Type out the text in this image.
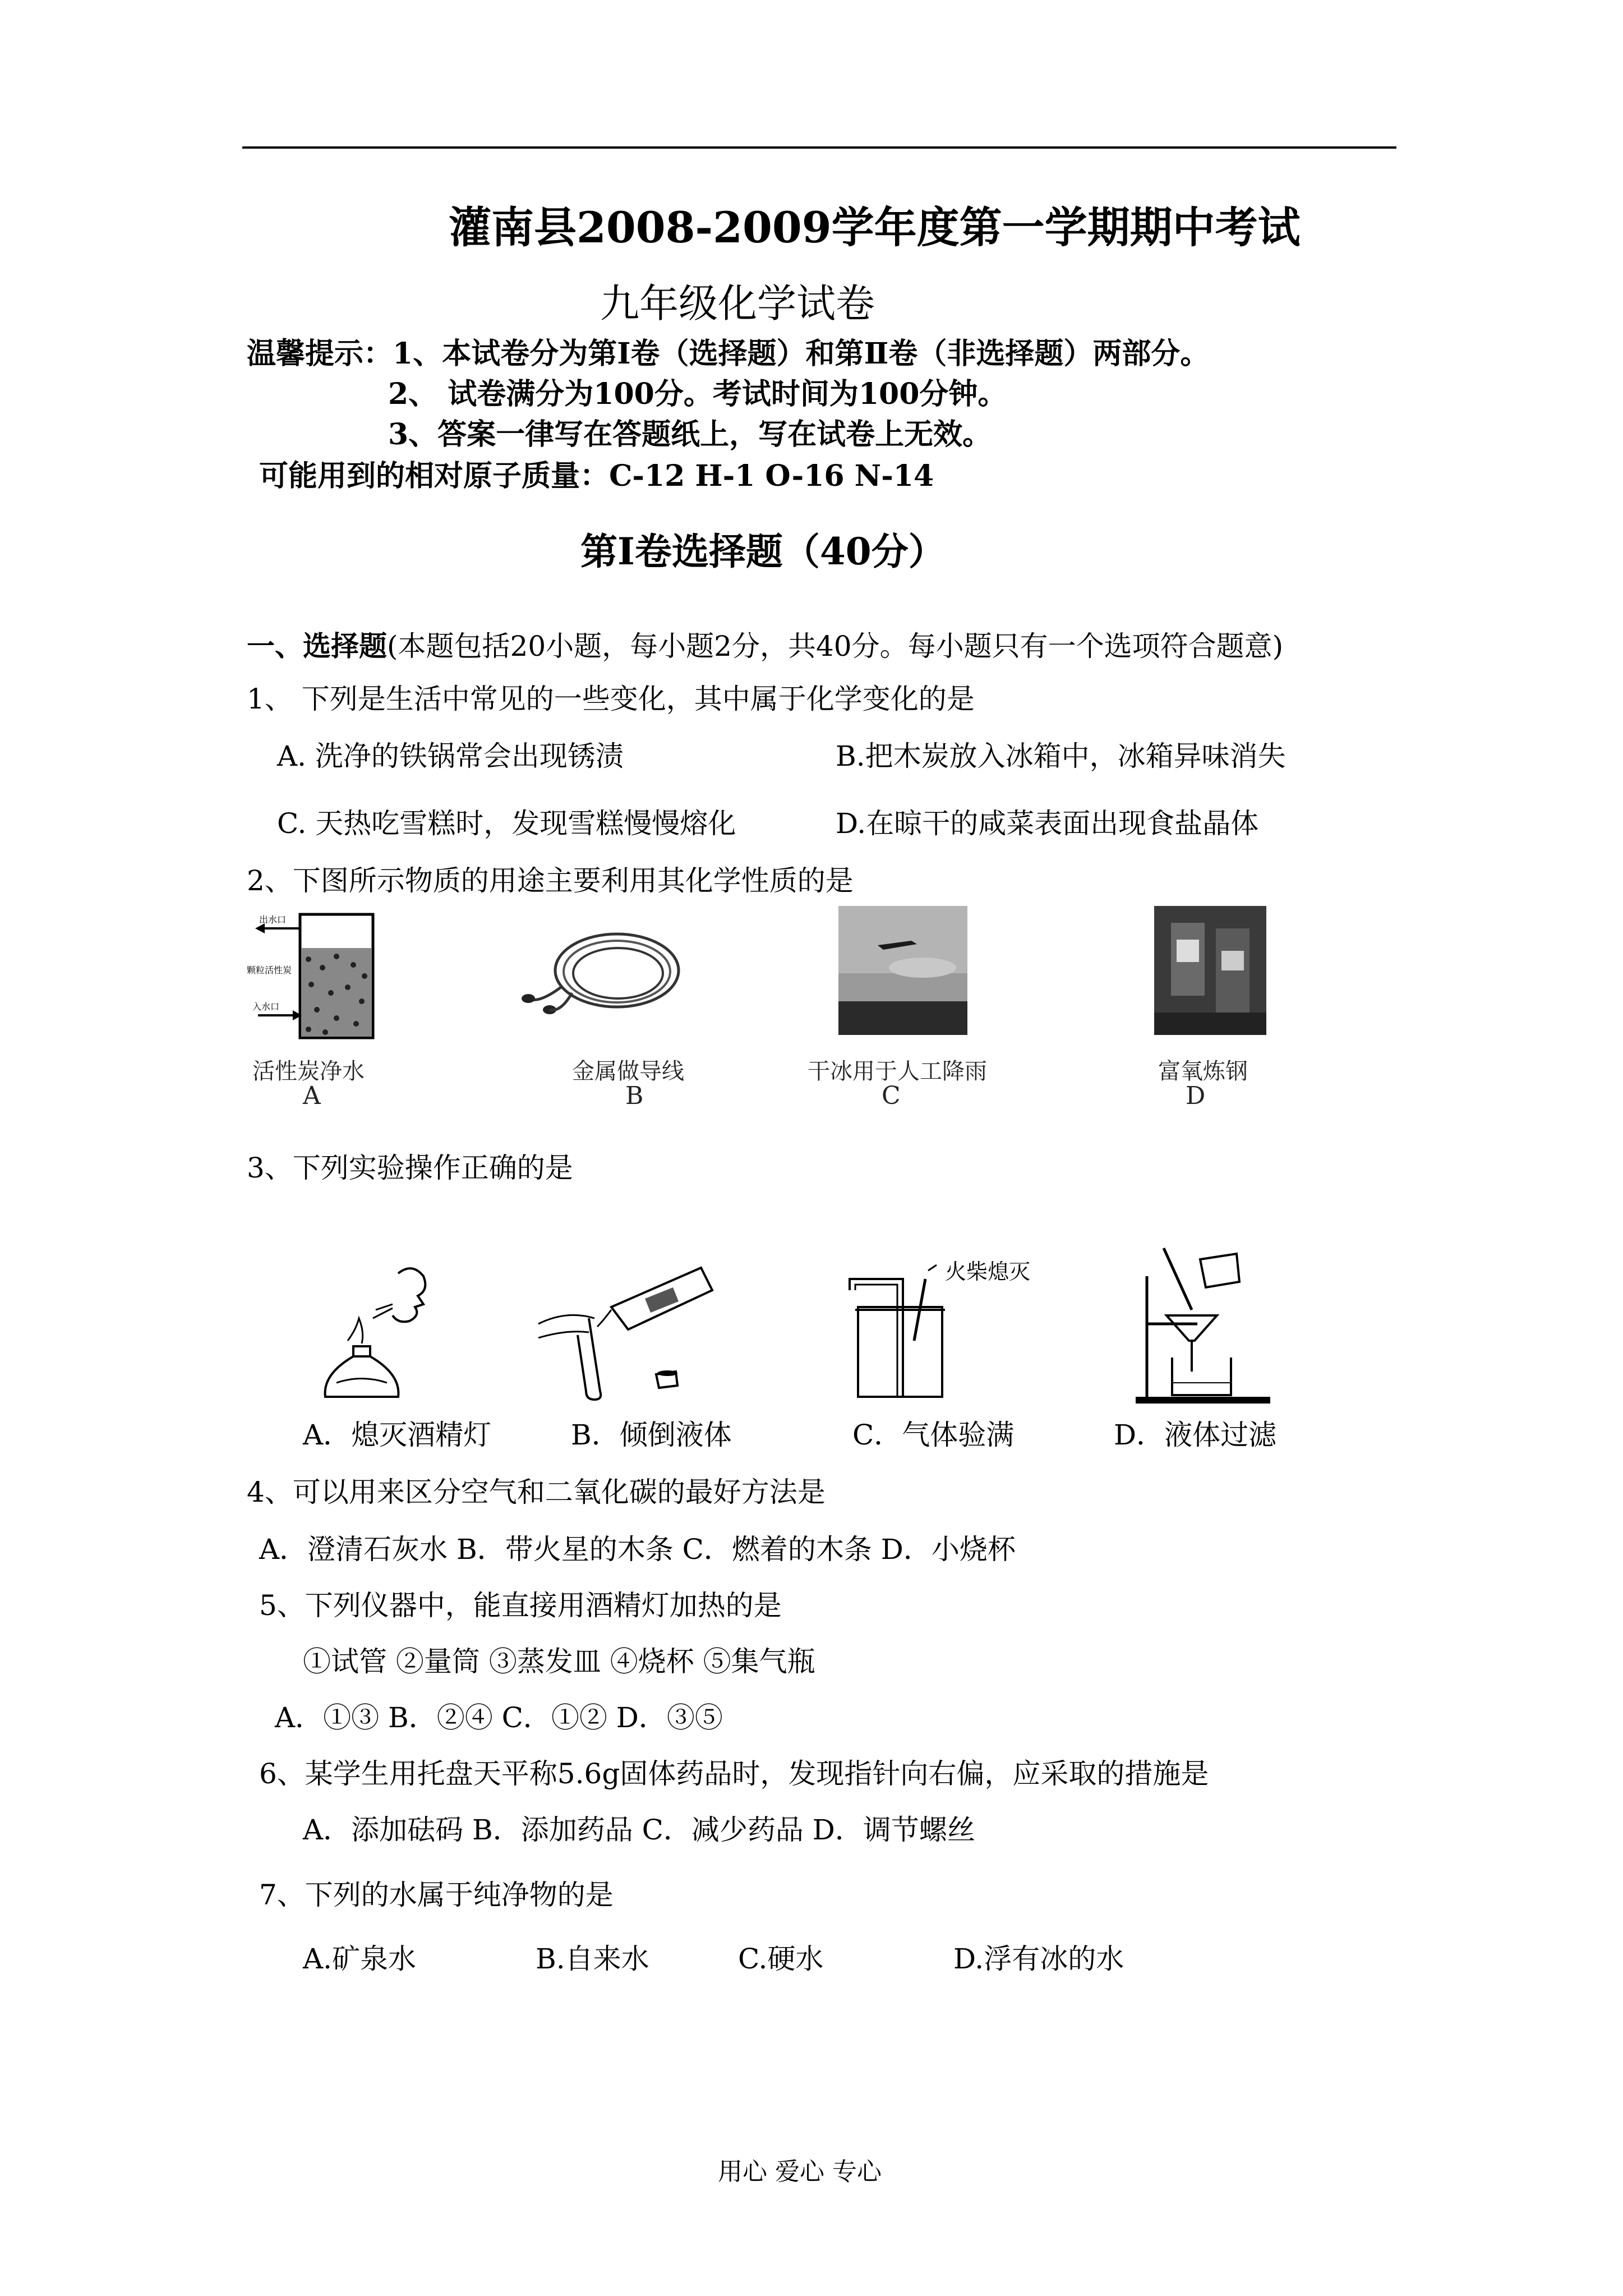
灌南县2008-2009学年度第一学期期中考试
九年级化学试卷
温馨提示：1、本试卷分为第Ⅰ卷（选择题）和第Ⅱ卷（非选择题）两部分。
2、 试卷满分为100分。考试时间为100分钟。
3、答案一律写在答题纸上，写在试卷上无效。
可能用到的相对原子质量：C-12 H-1 O-16 N-14
第Ⅰ卷选择题（40分）
一、选择题(本题包括20小题，每小题2分，共40分。每小题只有一个选项符合题意)
1、 下列是生活中常见的一些变化，其中属于化学变化的是
A. 洗净的铁锅常会出现锈渍	B.把木炭放入冰箱中，冰箱异味消失
C. 天热吃雪糕时，发现雪糕慢慢熔化	D.在晾干的咸菜表面出现食盐晶体
2、下图所示物质的用途主要利用其化学性质的是
出水口
颗粒活性炭
入水口
活性炭净水
A
金属做导线
B
干冰用于人工降雨
C
富氧炼钢
D
3、下列实验操作正确的是
火柴熄灭
A．熄灭酒精灯	B．倾倒液体	C．气体验满	D．液体过滤
4、可以用来区分空气和二氧化碳的最好方法是
A．澄清石灰水 B．带火星的木条 C．燃着的木条 D．小烧杯
5、下列仪器中，能直接用酒精灯加热的是
①试管 ②量筒 ③蒸发皿 ④烧杯 ⑤集气瓶
A．①③ B．②④ C．①② D．③⑤
6、某学生用托盘天平称5.6g固体药品时，发现指针向右偏，应采取的措施是
A．添加砝码 B．添加药品 C．减少药品 D．调节螺丝
7、下列的水属于纯净物的是
A.矿泉水	B.自来水	C.硬水	D.浮有冰的水
用心 爱心 专心
